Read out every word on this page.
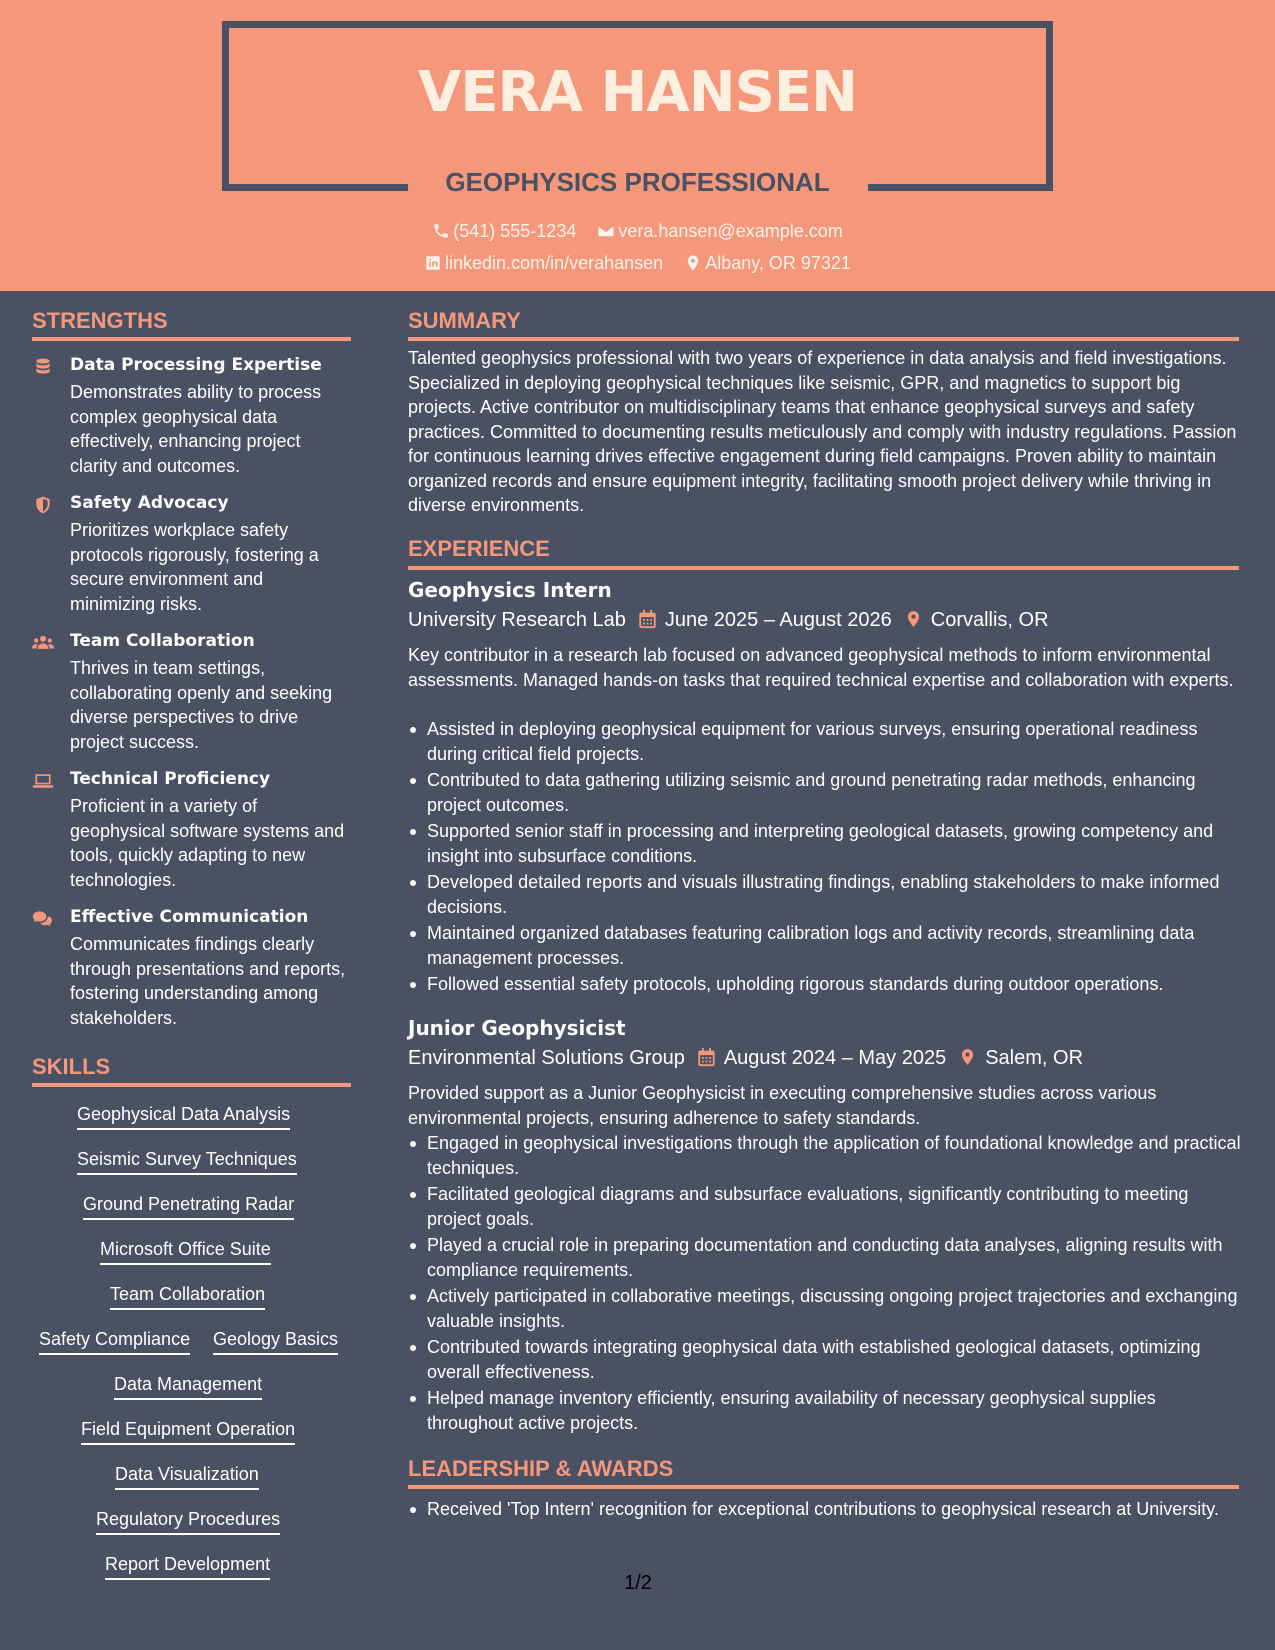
VERA HANSEN
GEOPHYSICS PROFESSIONAL
(541) 555-1234 vera.hansen@example.com
linkedin.com/in/verahansen Albany, OR 97321
STRENGTHS
Data Processing Expertise
Demonstrates ability to process complex geophysical data effectively, enhancing project clarity and outcomes.
Safety Advocacy
Prioritizes workplace safety protocols rigorously, fostering a secure environment and minimizing risks.
Team Collaboration
Thrives in team settings, collaborating openly and seeking diverse perspectives to drive project success.
Technical Proficiency
Proficient in a variety of geophysical software systems and tools, quickly adapting to new technologies.
Effective Communication
Communicates findings clearly through presentations and reports, fostering understanding among stakeholders.
SKILLS
Geophysical Data Analysis
Seismic Survey Techniques
Ground Penetrating Radar
Microsoft Office Suite
Team Collaboration
Safety Compliance Geology Basics
Data Management
Field Equipment Operation
Data Visualization
Regulatory Procedures
Report Development
SUMMARY
Talented geophysics professional with two years of experience in data analysis and field investigations. Specialized in deploying geophysical techniques like seismic, GPR, and magnetics to support big projects. Active contributor on multidisciplinary teams that enhance geophysical surveys and safety practices. Committed to documenting results meticulously and comply with industry regulations. Passion for continuous learning drives effective engagement during field campaigns. Proven ability to maintain organized records and ensure equipment integrity, facilitating smooth project delivery while thriving in diverse environments.
EXPERIENCE
Geophysics Intern
University Research Lab June 2025 – August 2026 Corvallis, OR
Key contributor in a research lab focused on advanced geophysical methods to inform environmental assessments. Managed hands-on tasks that required technical expertise and collaboration with experts.
Assisted in deploying geophysical equipment for various surveys, ensuring operational readiness during critical field projects.
Contributed to data gathering utilizing seismic and ground penetrating radar methods, enhancing project outcomes.
Supported senior staff in processing and interpreting geological datasets, growing competency and insight into subsurface conditions.
Developed detailed reports and visuals illustrating findings, enabling stakeholders to make informed decisions.
Maintained organized databases featuring calibration logs and activity records, streamlining data management processes.
Followed essential safety protocols, upholding rigorous standards during outdoor operations.
Junior Geophysicist
Environmental Solutions Group August 2024 – May 2025 Salem, OR
Provided support as a Junior Geophysicist in executing comprehensive studies across various environmental projects, ensuring adherence to safety standards.
Engaged in geophysical investigations through the application of foundational knowledge and practical techniques.
Facilitated geological diagrams and subsurface evaluations, significantly contributing to meeting project goals.
Played a crucial role in preparing documentation and conducting data analyses, aligning results with compliance requirements.
Actively participated in collaborative meetings, discussing ongoing project trajectories and exchanging valuable insights.
Contributed towards integrating geophysical data with established geological datasets, optimizing overall effectiveness.
Helped manage inventory efficiently, ensuring availability of necessary geophysical supplies throughout active projects.
LEADERSHIP & AWARDS
Received 'Top Intern' recognition for exceptional contributions to geophysical research at University.
1/2
